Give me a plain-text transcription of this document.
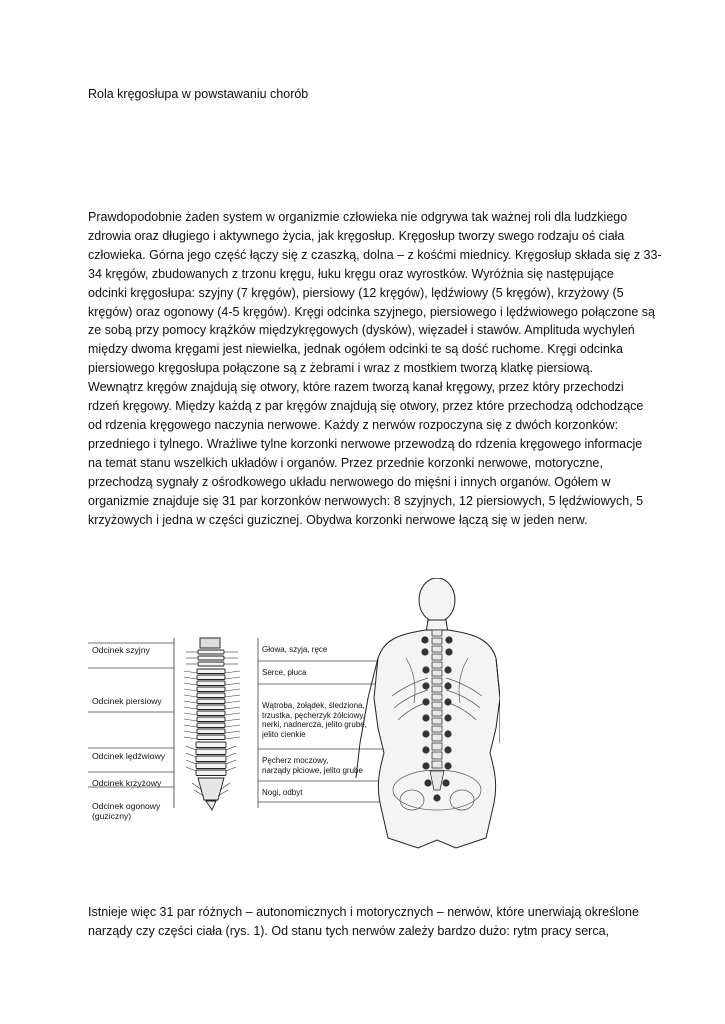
Rola kręgosłupa w powstawaniu chorób
Prawdopodobnie żaden system w organizmie człowieka nie odgrywa tak ważnej roli dla ludzkiego
zdrowia oraz długiego i aktywnego życia, jak kręgosłup. Kręgosłup tworzy swego rodzaju oś ciała
człowieka. Górna jego część łączy się z czaszką, dolna – z kośćmi miednicy. Kręgosłup składa się z 33-
34 kręgów, zbudowanych z trzonu kręgu, łuku kręgu oraz wyrostków. Wyróżnia się następujące
odcinki kręgosłupa: szyjny (7 kręgów), piersiowy (12 kręgów), lędźwiowy (5 kręgów), krzyżowy (5
kręgów) oraz ogonowy (4-5 kręgów). Kręgi odcinka szyjnego, piersiowego i lędźwiowego połączone są
ze sobą przy pomocy krążków międzykręgowych (dysków), więzadeł i stawów. Amplituda wychyleń
między dwoma kręgami jest niewielka, jednak ogółem odcinki te są dość ruchome. Kręgi odcinka
piersiowego kręgosłupa połączone są z żebrami i wraz z mostkiem tworzą klatkę piersiową.
Wewnątrz kręgów znajdują się otwory, które razem tworzą kanał kręgowy, przez który przechodzi
rdzeń kręgowy. Między każdą z par kręgów znajdują się otwory, przez które przechodzą odchodzące
od rdzenia kręgowego naczynia nerwowe. Każdy z nerwów rozpoczyna się z dwóch korzonków:
przedniego i tylnego. Wrażliwe tylne korzonki nerwowe przewodzą do rdzenia kręgowego informacje
na temat stanu wszelkich układów i organów. Przez przednie korzonki nerwowe, motoryczne,
przechodzą sygnały z ośrodkowego układu nerwowego do mięśni i innych organów. Ogółem w
organizmie znajduje się 31 par korzonków nerwowych: 8 szyjnych, 12 piersiowych, 5 lędźwiowych, 5
krzyżowych i jedna w części guzicznej. Obydwa korzonki nerwowe łączą się w jeden nerw.
Odcinek szyjny
Odcinek piersiowy
Odcinek lędźwiowy
Odcinek krzyżowy
Odcinek ogonowy
(guziczny)
Głowa, szyja, ręce
Serce, płuca
Wątroba, żołądek, śledziona,
trzustka, pęcherzyk żółciowy,
nerki, nadnercza, jelito grube,
jelito cienkie
Pęcherz moczowy,
narządy płciowe, jelito grube
Nogi, odbyt
Istnieje więc 31 par różnych – autonomicznych i motorycznych – nerwów, które unerwiają określone
narządy czy części ciała (rys. 1). Od stanu tych nerwów zależy bardzo dużo: rytm pracy serca,
